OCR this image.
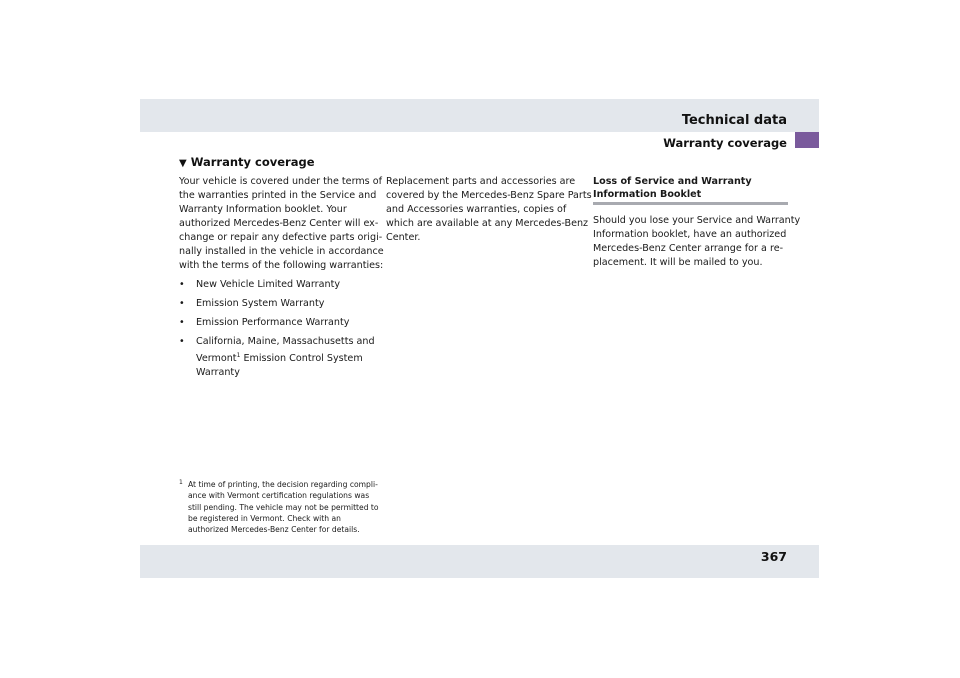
Technical data
Warranty coverage
▼ Warranty coverage

Your vehicle is covered under the terms of
the warranties printed in the Service and
Warranty Information booklet. Your
authorized Mercedes-Benz Center will ex-
change or repair any defective parts origi-
nally installed in the vehicle in accordance
with the terms of the following warranties:

• New Vehicle Limited Warranty
• Emission System Warranty
• Emission Performance Warranty
• California, Maine, Massachusetts and
Vermont$^1$ Emission Control System
Warranty

Replacement parts and accessories are
covered by the Mercedes-Benz Spare Parts
and Accessories warranties, copies of
which are available at any Mercedes-Benz
Center.

Loss of Service and Warranty
Information Booklet

Should you lose your Service and Warranty
Information booklet, have an authorized
Mercedes-Benz Center arrange for a re-
placement. It will be mailed to you.

1 At time of printing, the decision regarding compli-
ance with Vermont certification regulations was
still pending. The vehicle may not be permitted to
be registered in Vermont. Check with an
authorized Mercedes-Benz Center for details.
367
